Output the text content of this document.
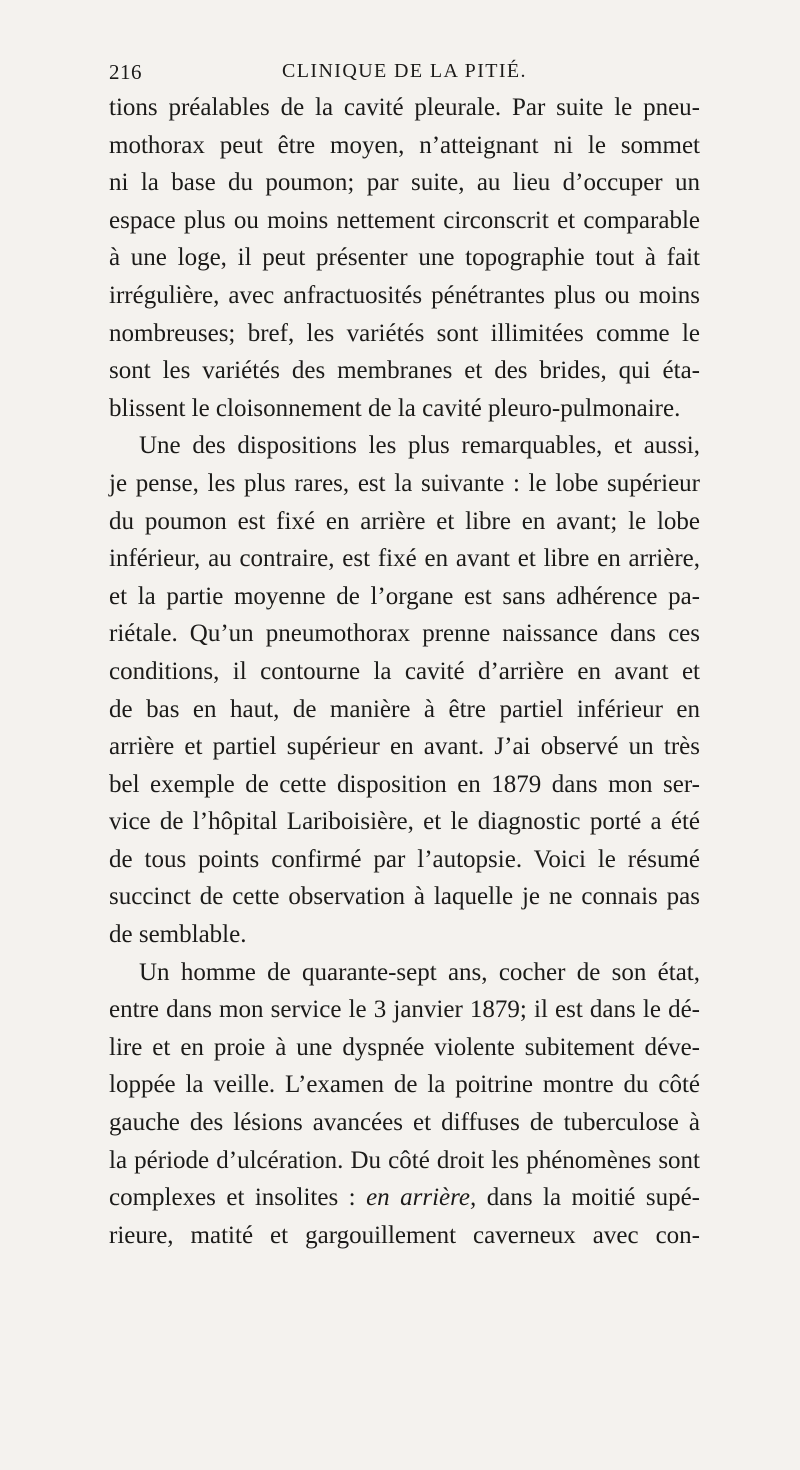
216	CLINIQUE DE LA PITIÉ.
tions préalables de la cavité pleurale. Par suite le pneu-
mothorax peut être moyen, n’atteignant ni le sommet
ni la base du poumon; par suite, au lieu d’occuper un
espace plus ou moins nettement circonscrit et comparable
à une loge, il peut présenter une topographie tout à fait
irrégulière, avec anfractuosités pénétrantes plus ou moins
nombreuses; bref, les variétés sont illimitées comme le
sont les variétés des membranes et des brides, qui éta-
blissent le cloisonnement de la cavité pleuro-pulmonaire.
Une des dispositions les plus remarquables, et aussi,
je pense, les plus rares, est la suivante : le lobe supérieur
du poumon est fixé en arrière et libre en avant; le lobe
inférieur, au contraire, est fixé en avant et libre en arrière,
et la partie moyenne de l’organe est sans adhérence pa-
riétale. Qu’un pneumothorax prenne naissance dans ces
conditions, il contourne la cavité d’arrière en avant et
de bas en haut, de manière à être partiel inférieur en
arrière et partiel supérieur en avant. J’ai observé un très
bel exemple de cette disposition en 1879 dans mon ser-
vice de l’hôpital Lariboisière, et le diagnostic porté a été
de tous points confirmé par l’autopsie. Voici le résumé
succinct de cette observation à laquelle je ne connais pas
de semblable.
Un homme de quarante-sept ans, cocher de son état,
entre dans mon service le 3 janvier 1879; il est dans le dé-
lire et en proie à une dyspnée violente subitement déve-
loppée la veille. L’examen de la poitrine montre du côté
gauche des lésions avancées et diffuses de tuberculose à
la période d’ulcération. Du côté droit les phénomènes sont
complexes et insolites : en arrière, dans la moitié supé-
rieure, matité et gargouillement caverneux avec con-
